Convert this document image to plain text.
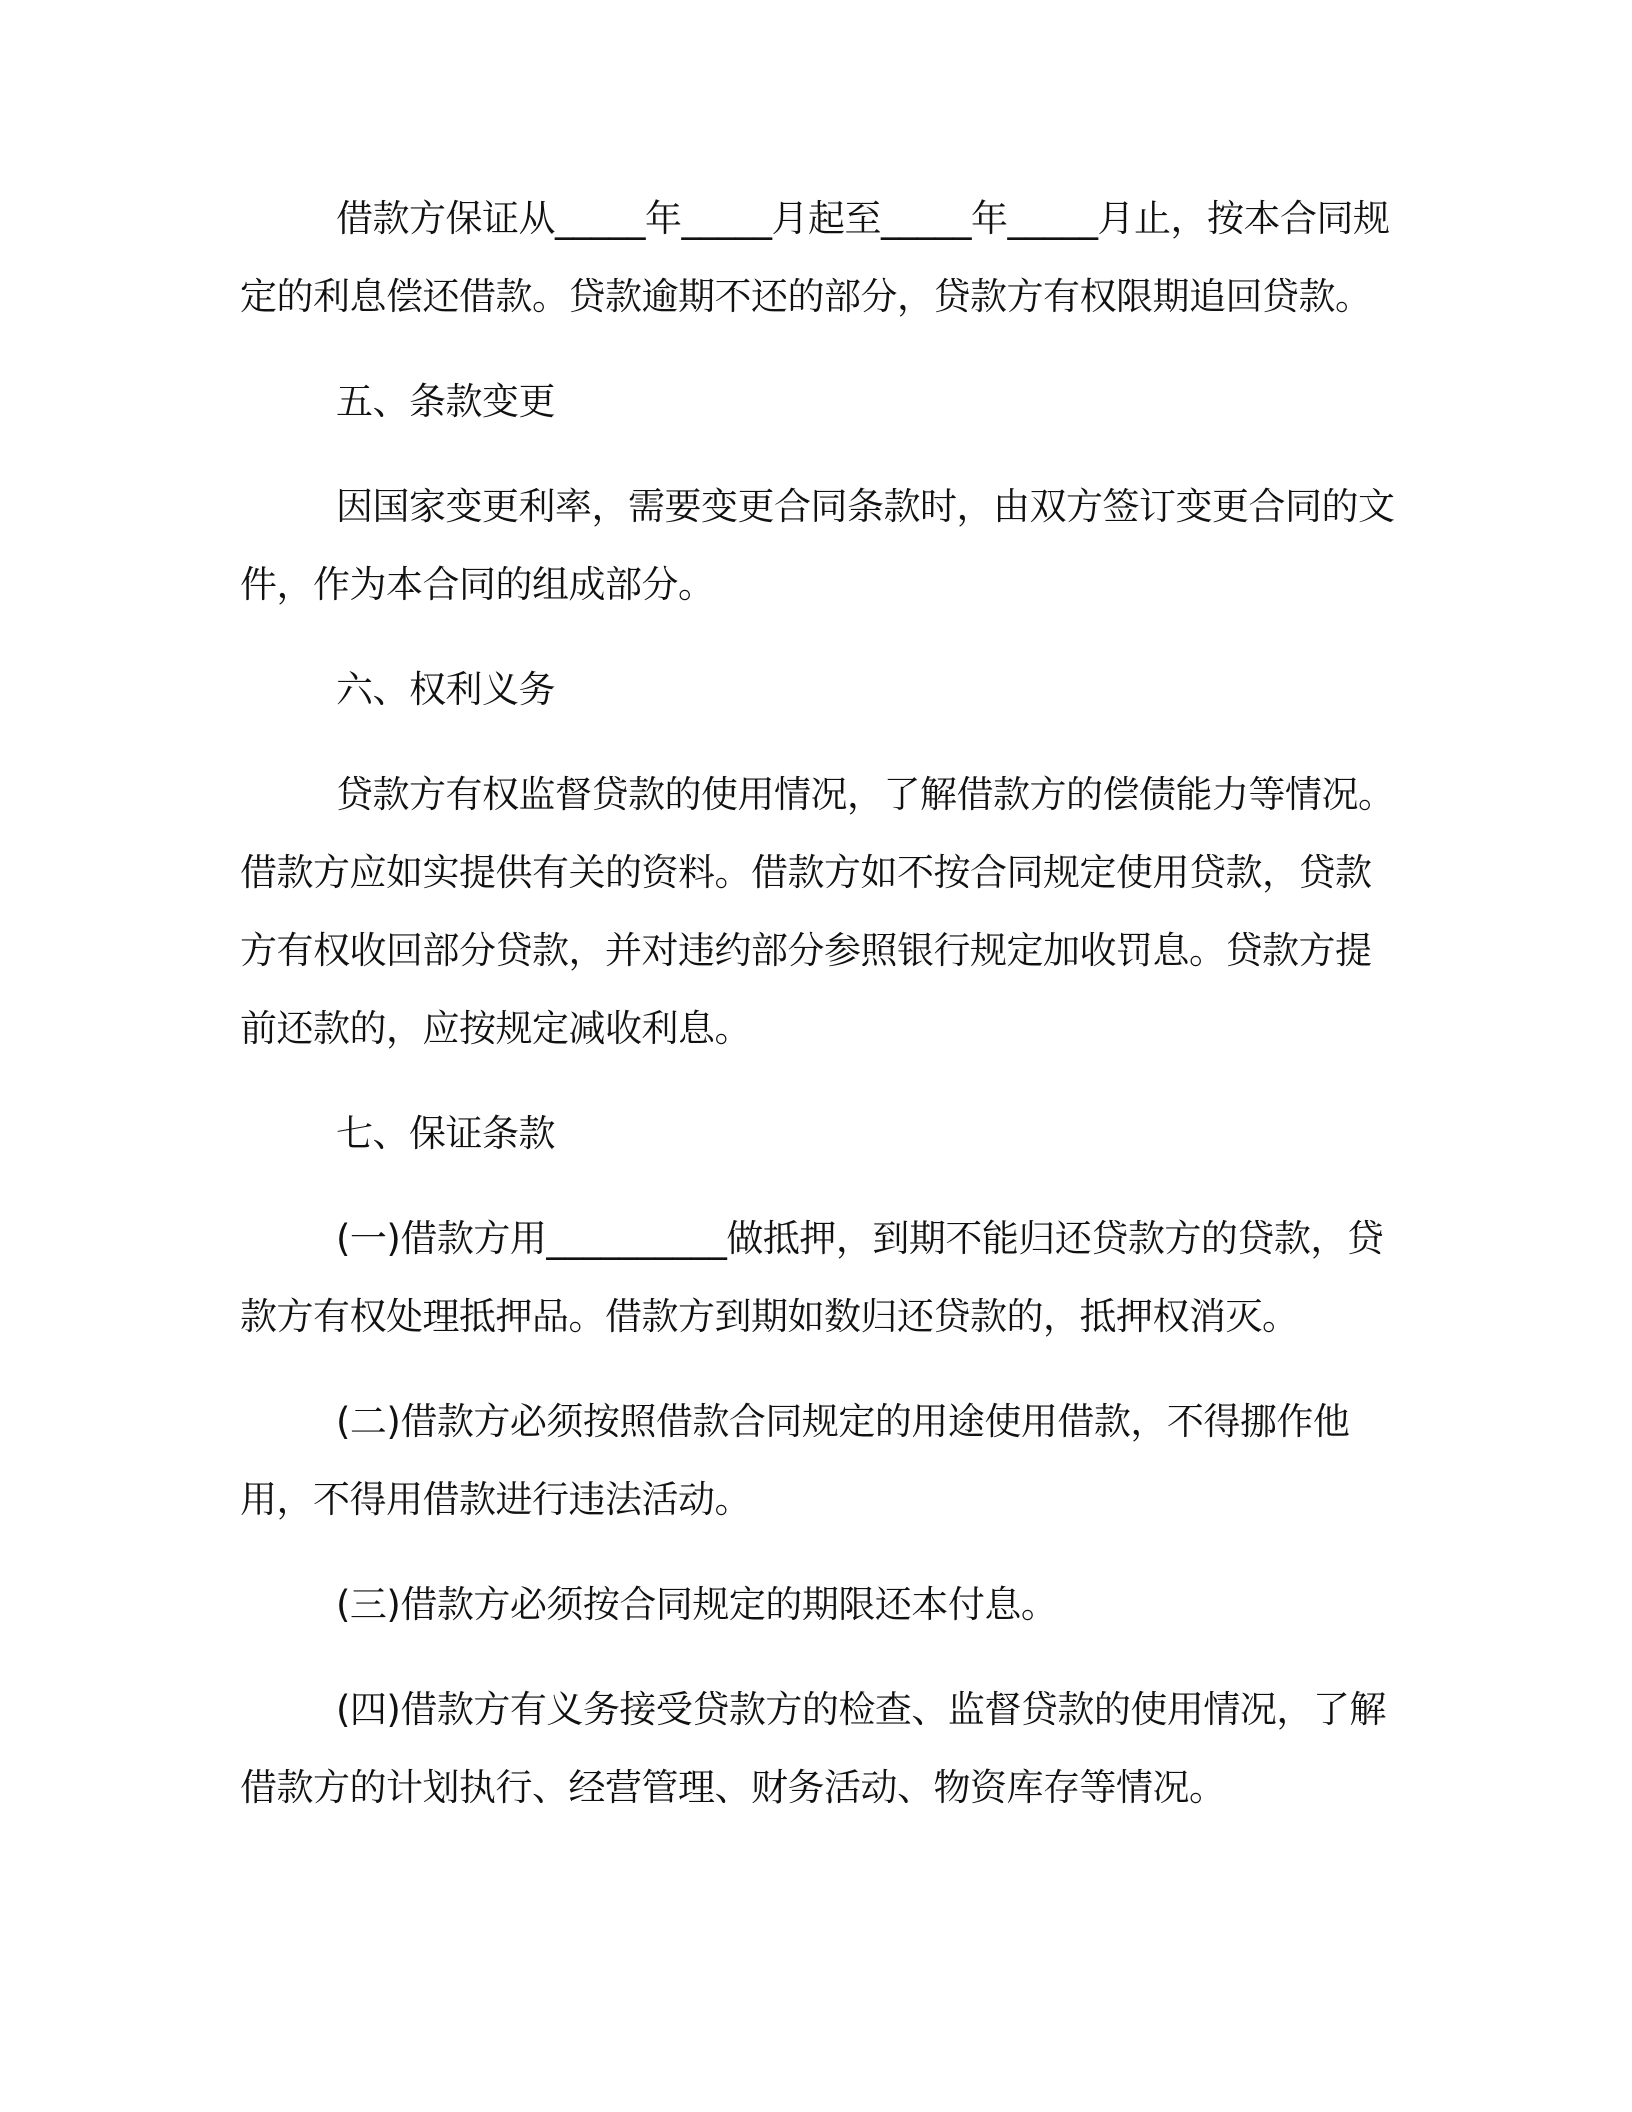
借款方保证从_____年_____月起至_____年_____月止，按本合同规定的利息偿还借款。贷款逾期不还的部分，贷款方有权限期追回贷款。

五、条款变更

因国家变更利率，需要变更合同条款时，由双方签订变更合同的文件，作为本合同的组成部分。

六、权利义务

贷款方有权监督贷款的使用情况，了解借款方的偿债能力等情况。借款方应如实提供有关的资料。借款方如不按合同规定使用贷款，贷款方有权收回部分贷款，并对违约部分参照银行规定加收罚息。贷款方提前还款的，应按规定减收利息。

七、保证条款

(一)借款方用__________做抵押，到期不能归还贷款方的贷款，贷款方有权处理抵押品。借款方到期如数归还贷款的，抵押权消灭。

(二)借款方必须按照借款合同规定的用途使用借款，不得挪作他用，不得用借款进行违法活动。

(三)借款方必须按合同规定的期限还本付息。

(四)借款方有义务接受贷款方的检查、监督贷款的使用情况，了解借款方的计划执行、经营管理、财务活动、物资库存等情况。
